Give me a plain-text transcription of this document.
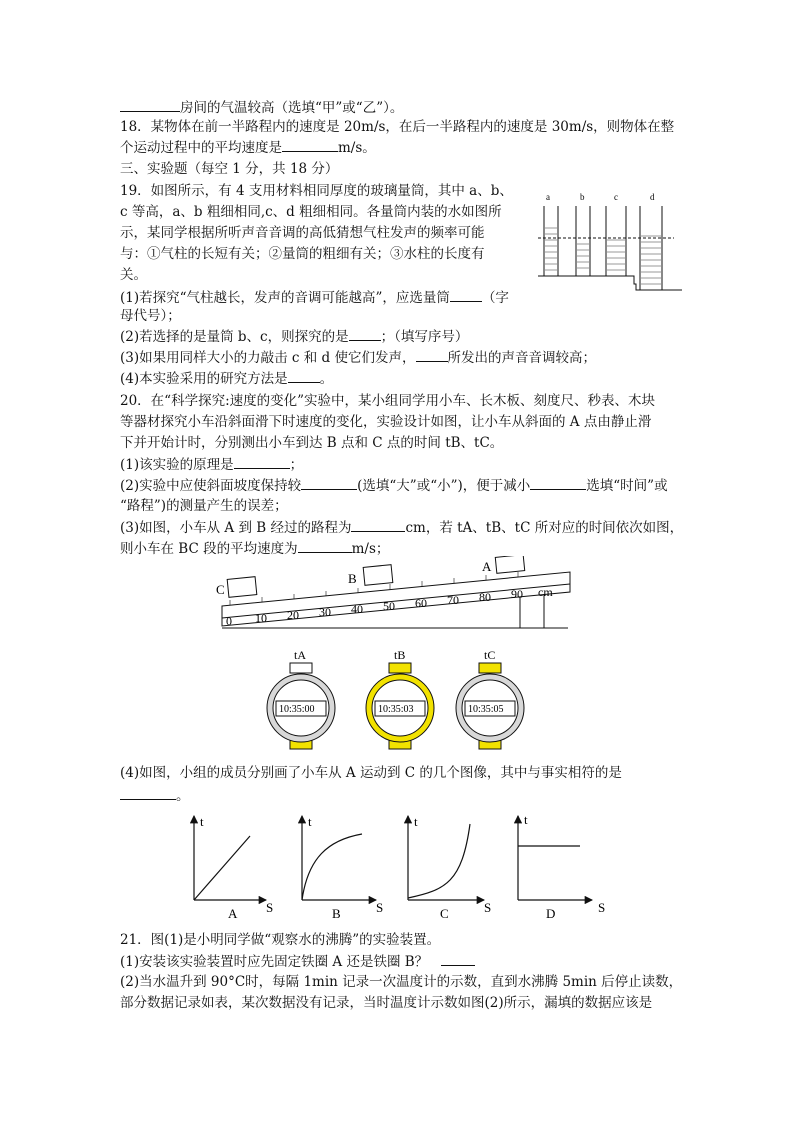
房间的气温较高（选填“甲”或“乙”）。
18．某物体在前一半路程内的速度是 20m/s，在后一半路程内的速度是 30m/s，则物体在整
个运动过程中的平均速度是	m/s。
三、实验题（每空 1 分，共 18 分）
19．如图所示，有 4 支用材料相同厚度的玻璃量筒，其中 a、b、
c 等高，a、b 粗细相同,c、d 粗细相同。各量筒内装的水如图所
示，某同学根据所听声音音调的高低猜想气柱发声的频率可能
与：①气柱的长短有关；②量筒的粗细有关；③水柱的长度有
关。
(1)若探究“气柱越长，发声的音调可能越高”，应选量筒 （字
母代号）；
(2)若选择的是量筒 b、c，则探究的是 ；（填写序号）
(3)如果用同样大小的力敲击 c 和 d 使它们发声， 所发出的声音音调较高；
(4)本实验采用的研究方法是 。
a	b	c	d
20．在“科学探究:速度的变化”实验中，某小组同学用小车、长木板、刻度尺、秒表、木块
等器材探究小车沿斜面滑下时速度的变化，实验设计如图，让小车从斜面的 A 点由静止滑
下并开始计时，分别测出小车到达 B 点和 C 点的时间 tB、tC。
(1)该实验的原理是	；
(2)实验中应使斜面坡度保持较	(选填“大”或“小”)，便于减小	选填“时间”或
“路程”)的测量产生的误差；
(3)如图，小车从 A 到 B 经过的路程为	cm，若 tA、tB、tC 所对应的时间依次如图，
则小车在 BC 段的平均速度为	m/s；
C
B
A
0 10 20 30 40 50 60 70 80 90 cm
tA	tB	tC
10:35:00	10:35:03	10:35:05
(4)如图，小组的成员分别画了小车从 A 运动到 C 的几个图像，其中与事实相符的是
。
t
S
A
t
S
B
t
S
C
t
S
D
21．图(1)是小明同学做“观察水的沸腾”的实验装置。
(1)安装该实验装置时应先固定铁圈 A 还是铁圈 B？
(2)当水温升到 90°C时，每隔 1min 记录一次温度计的示数，直到水沸腾 5min 后停止读数，
部分数据记录如表，某次数据没有记录，当时温度计示数如图(2)所示，漏填的数据应该是
